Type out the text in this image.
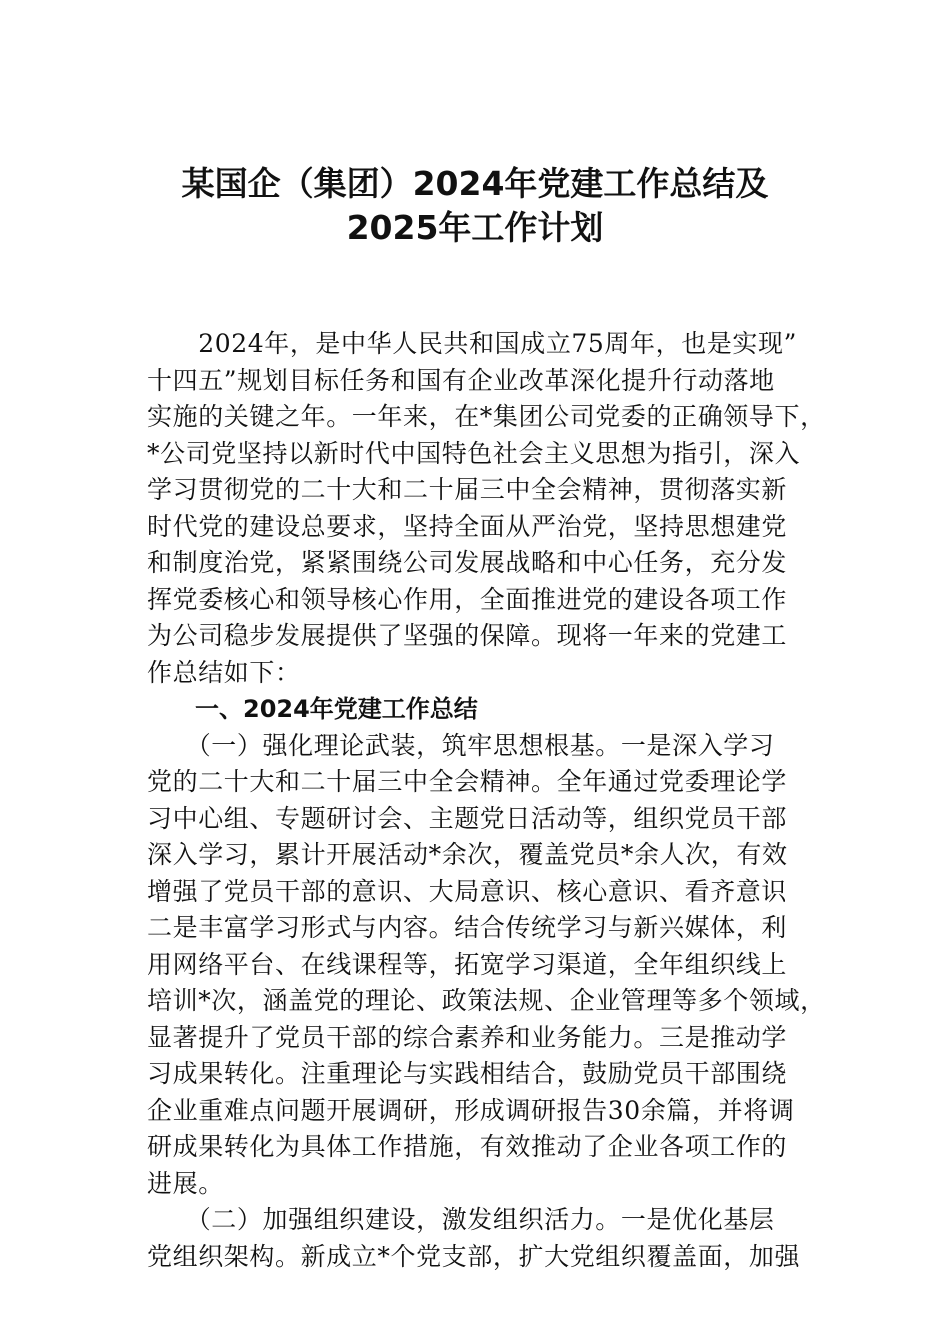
某国企（集团）2024年党建工作总结及
2025年工作计划
　　2024年，是中华人民共和国成立75周年，也是实现”
十四五”规划目标任务和国有企业改革深化提升行动落地
实施的关键之年。一年来，在*集团公司党委的正确领导下，
*公司党坚持以新时代中国特色社会主义思想为指引，深入
学习贯彻党的二十大和二十届三中全会精神，贯彻落实新
时代党的建设总要求，坚持全面从严治党，坚持思想建党
和制度治党，紧紧围绕公司发展战略和中心任务，充分发
挥党委核心和领导核心作用，全面推进党的建设各项工作
为公司稳步发展提供了坚强的保障。现将一年来的党建工
作总结如下：
　　一、2024年党建工作总结
　　（一）强化理论武装，筑牢思想根基。一是深入学习
党的二十大和二十届三中全会精神。全年通过党委理论学
习中心组、专题研讨会、主题党日活动等，组织党员干部
深入学习，累计开展活动*余次，覆盖党员*余人次，有效
增强了党员干部的意识、大局意识、核心意识、看齐意识
二是丰富学习形式与内容。结合传统学习与新兴媒体，利
用网络平台、在线课程等，拓宽学习渠道，全年组织线上
培训*次，涵盖党的理论、政策法规、企业管理等多个领域，
显著提升了党员干部的综合素养和业务能力。三是推动学
习成果转化。注重理论与实践相结合，鼓励党员干部围绕
企业重难点问题开展调研，形成调研报告30余篇，并将调
研成果转化为具体工作措施，有效推动了企业各项工作的
进展。
　　（二）加强组织建设，激发组织活力。一是优化基层
党组织架构。新成立*个党支部，扩大党组织覆盖面，加强
